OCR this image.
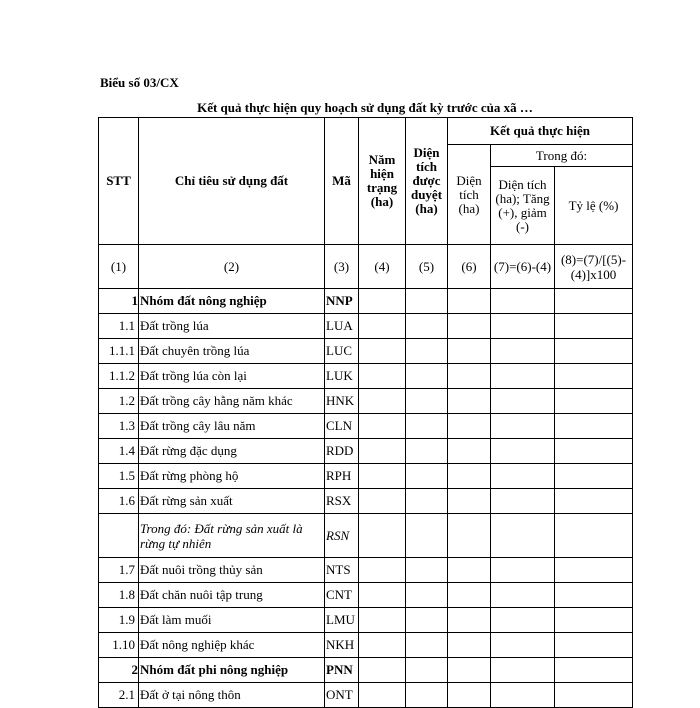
Biểu số 03/CX
Kết quả thực hiện quy hoạch sử dụng đất kỳ trước của xã …
STT	Chỉ tiêu sử dụng đất	Mã	Năm hiện trạng (ha)	Diện tích được duyệt (ha)	Kết quả thực hiện		
					Diện tích (ha)	Trong đó:	
						Diện tích (ha); Tăng (+), giảm (-)	Tỷ lệ (%)
(1)	(2)	(3)	(4)	(5)	(6)	(7)=(6)-(4)	(8)=(7)/[(5)-(4)]x100
1	Nhóm đất nông nghiệp	NNP					
1.1	Đất trồng lúa	LUA					
1.1.1	Đất chuyên trồng lúa	LUC					
1.1.2	Đất trồng lúa còn lại	LUK					
1.2	Đất trồng cây hằng năm khác	HNK					
1.3	Đất trồng cây lâu năm	CLN					
1.4	Đất rừng đặc dụng	RDD					
1.5	Đất rừng phòng hộ	RPH					
1.6	Đất rừng sản xuất	RSX					
	Trong đó: Đất rừng sản xuất là rừng tự nhiên	RSN					
1.7	Đất nuôi trồng thủy sản	NTS					
1.8	Đất chăn nuôi tập trung	CNT					
1.9	Đất làm muối	LMU					
1.10	Đất nông nghiệp khác	NKH					
2	Nhóm đất phi nông nghiệp	PNN					
2.1	Đất ở tại nông thôn	ONT					
